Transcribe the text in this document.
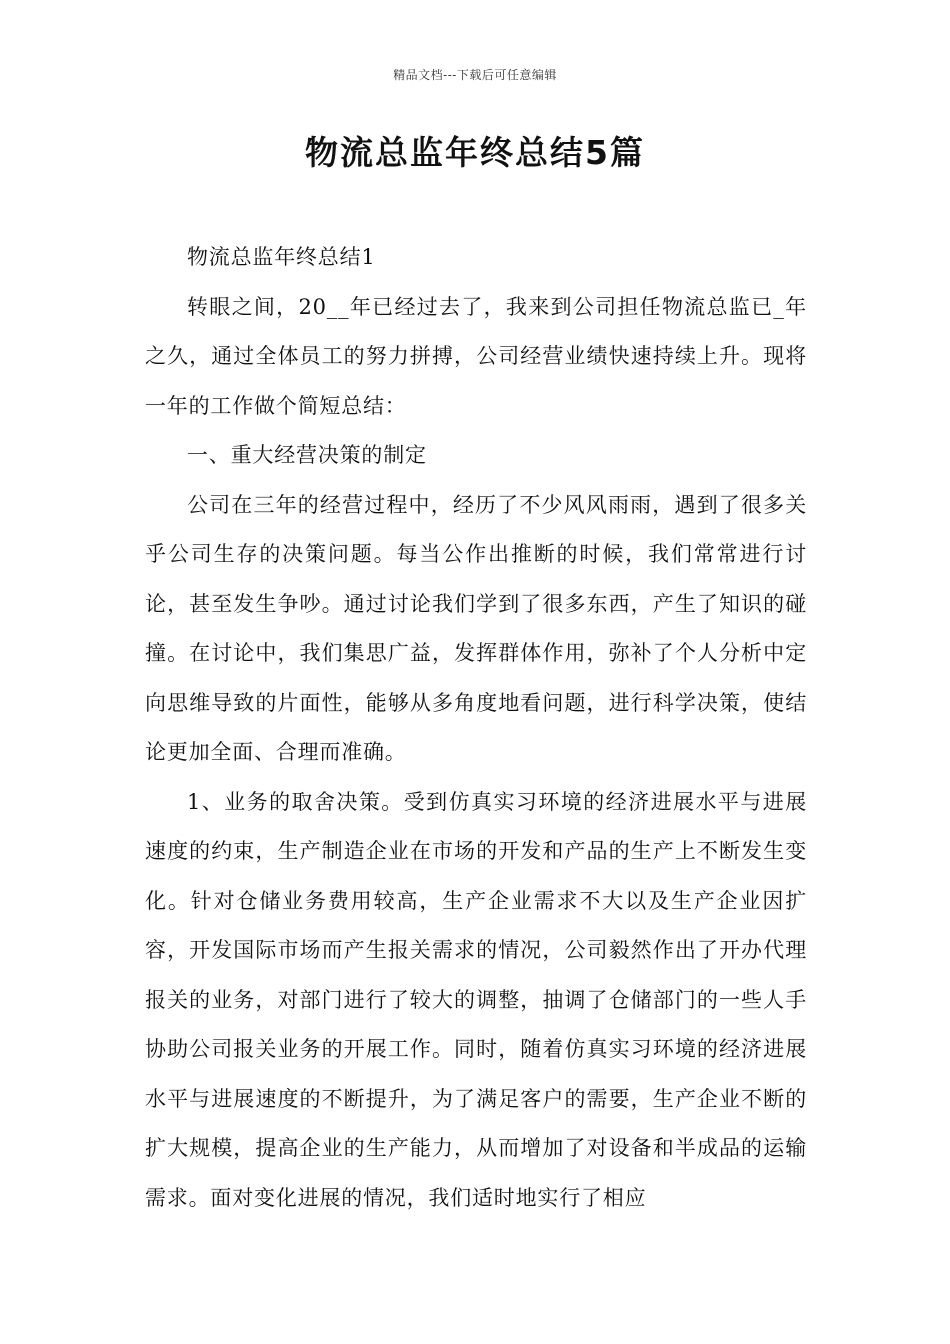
精品文档---下载后可任意编辑
物流总监年终总结5篇

物流总监年终总结1

转眼之间，20__年已经过去了，我来到公司担任物流总监已_年之久，通过全体员工的努力拼搏，公司经营业绩快速持续上升。现将一年的工作做个简短总结：

一、重大经营决策的制定

公司在三年的经营过程中，经历了不少风风雨雨，遇到了很多关乎公司生存的决策问题。每当公作出推断的时候，我们常常进行讨论，甚至发生争吵。通过讨论我们学到了很多东西，产生了知识的碰撞。在讨论中，我们集思广益，发挥群体作用，弥补了个人分析中定向思维导致的片面性，能够从多角度地看问题，进行科学决策，使结论更加全面、合理而准确。

1、业务的取舍决策。受到仿真实习环境的经济进展水平与进展速度的约束，生产制造企业在市场的开发和产品的生产上不断发生变化。针对仓储业务费用较高，生产企业需求不大以及生产企业因扩容，开发国际市场而产生报关需求的情况，公司毅然作出了开办代理报关的业务，对部门进行了较大的调整，抽调了仓储部门的一些人手协助公司报关业务的开展工作。同时，随着仿真实习环境的经济进展水平与进展速度的不断提升，为了满足客户的需要，生产企业不断的扩大规模，提高企业的生产能力，从而增加了对设备和半成品的运输需求。面对变化进展的情况，我们适时地实行了相应
